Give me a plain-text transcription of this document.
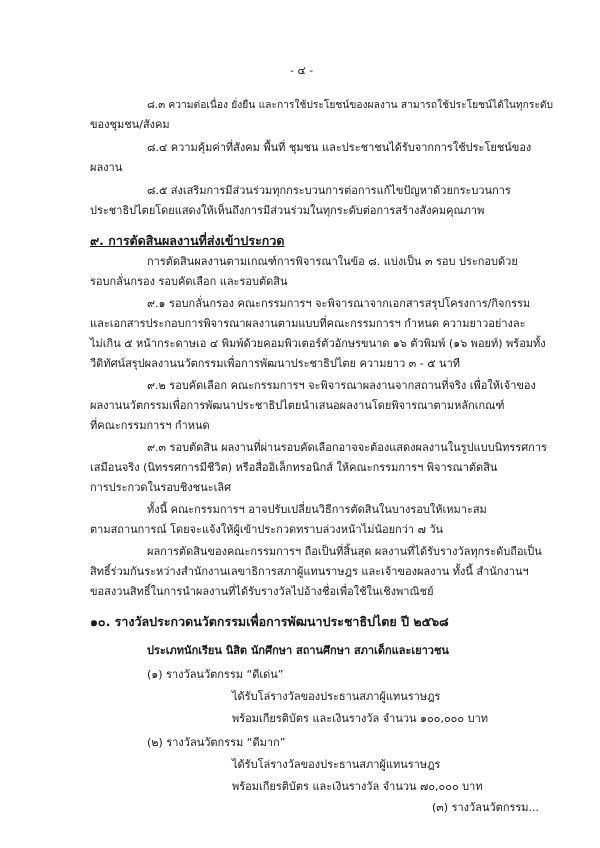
- ๔ -
๘.๓ ความต่อเนื่อง ยั่งยืน และการใช้ประโยชน์ของผลงาน สามารถใช้ประโยชน์ได้ในทุกระดับ
ของชุมชน/สังคม
๘.๔ ความคุ้มค่าที่สังคม พื้นที่ ชุมชน และประชาชนได้รับจากการใช้ประโยชน์ของ
ผลงาน
๘.๕ ส่งเสริมการมีส่วนร่วมทุกกระบวนการต่อการแก้ไขปัญหาด้วยกระบวนการ
ประชาธิปไตยโดยแสดงให้เห็นถึงการมีส่วนร่วมในทุกระดับต่อการสร้างสังคมคุณภาพ
๙. การตัดสินผลงานที่ส่งเข้าประกวด
การตัดสินผลงานตามเกณฑ์การพิจารณาในข้อ ๘. แบ่งเป็น ๓ รอบ ประกอบด้วย
รอบกลั่นกรอง รอบคัดเลือก และรอบตัดสิน
๙.๑ รอบกลั่นกรอง คณะกรรมการฯ จะพิจารณาจากเอกสารสรุปโครงการ/กิจกรรม
และเอกสารประกอบการพิจารณาผลงานตามแบบที่คณะกรรมการฯ กำหนด ความยาวอย่างละ
ไม่เกิน ๕ หน้ากระดาษเอ ๔ พิมพ์ด้วยคอมพิวเตอร์ตัวอักษรขนาด ๑๖ ตัวพิมพ์ (๑๖ พอยท์) พร้อมทั้ง
วีดิทัศน์สรุปผลงานนวัตกรรมเพื่อการพัฒนาประชาธิปไตย ความยาว ๓ - ๕ นาที
๙.๒ รอบคัดเลือก คณะกรรมการฯ จะพิจารณาผลงานจากสถานที่จริง เพื่อให้เจ้าของ
ผลงานนวัตกรรมเพื่อการพัฒนาประชาธิปไตยนำเสนอผลงานโดยพิจารณาตามหลักเกณฑ์
ที่คณะกรรมการฯ กำหนด
๙.๓ รอบตัดสิน ผลงานที่ผ่านรอบคัดเลือกอาจจะต้องแสดงผลงานในรูปแบบนิทรรศการ
เสมือนจริง (นิทรรศการมีชีวิต) หรือสื่ออิเล็กทรอนิกส์ ให้คณะกรรมการฯ พิจารณาตัดสิน
การประกวดในรอบชิงชนะเลิศ
ทั้งนี้ คณะกรรมการฯ อาจปรับเปลี่ยนวิธีการตัดสินในบางรอบให้เหมาะสม
ตามสถานการณ์ โดยจะแจ้งให้ผู้เข้าประกวดทราบล่วงหน้าไม่น้อยกว่า ๗ วัน
ผลการตัดสินของคณะกรรมการฯ ถือเป็นที่สิ้นสุด ผลงานที่ได้รับรางวัลทุกระดับถือเป็น
สิทธิ์ร่วมกันระหว่างสำนักงานเลขาธิการสภาผู้แทนราษฎร และเจ้าของผลงาน ทั้งนี้ สำนักงานฯ
ขอสงวนสิทธิ์ในการนำผลงานที่ได้รับรางวัลไปอ้างชื่อเพื่อใช้ในเชิงพาณิชย์
๑๐. รางวัลประกวดนวัตกรรมเพื่อการพัฒนาประชาธิปไตย ปี ๒๕๖๘
ประเภทนักเรียน นิสิต นักศึกษา สถานศึกษา สภาเด็กและเยาวชน
(๑) รางวัลนวัตกรรม “ดีเด่น”
ได้รับโล่รางวัลของประธานสภาผู้แทนราษฎร
พร้อมเกียรติบัตร และเงินรางวัล จำนวน ๑๐๐,๐๐๐ บาท
(๒) รางวัลนวัตกรรม “ดีมาก”
ได้รับโล่รางวัลของประธานสภาผู้แทนราษฎร
พร้อมเกียรติบัตร และเงินรางวัล จำนวน ๗๐,๐๐๐ บาท
(๓) รางวัลนวัตกรรม...
